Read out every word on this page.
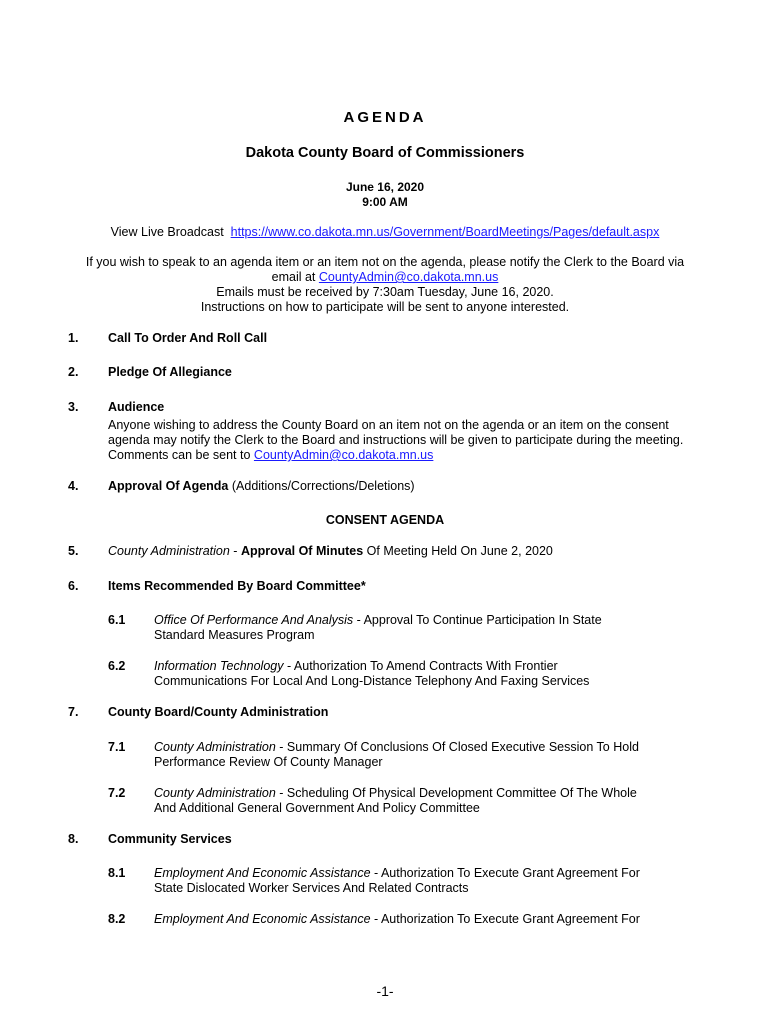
AGENDA
Dakota County Board of Commissioners
June 16, 2020
9:00 AM
View Live Broadcast https://www.co.dakota.mn.us/Government/BoardMeetings/Pages/default.aspx
If you wish to speak to an agenda item or an item not on the agenda, please notify the Clerk to the Board via
email at CountyAdmin@co.dakota.mn.us
Emails must be received by 7:30am Tuesday, June 16, 2020.
Instructions on how to participate will be sent to anyone interested.
1. Call To Order And Roll Call
2. Pledge Of Allegiance
3. Audience
Anyone wishing to address the County Board on an item not on the agenda or an item on the consent
agenda may notify the Clerk to the Board and instructions will be given to participate during the meeting.
Comments can be sent to CountyAdmin@co.dakota.mn.us
4. Approval Of Agenda (Additions/Corrections/Deletions)
CONSENT AGENDA
5. County Administration - Approval Of Minutes Of Meeting Held On June 2, 2020
6. Items Recommended By Board Committee*
6.1 Office Of Performance And Analysis - Approval To Continue Participation In State
Standard Measures Program
6.2 Information Technology - Authorization To Amend Contracts With Frontier
Communications For Local And Long-Distance Telephony And Faxing Services
7. County Board/County Administration
7.1 County Administration - Summary Of Conclusions Of Closed Executive Session To Hold
Performance Review Of County Manager
7.2 County Administration - Scheduling Of Physical Development Committee Of The Whole
And Additional General Government And Policy Committee
8. Community Services
8.1 Employment And Economic Assistance - Authorization To Execute Grant Agreement For
State Dislocated Worker Services And Related Contracts
8.2 Employment And Economic Assistance - Authorization To Execute Grant Agreement For
-1-
